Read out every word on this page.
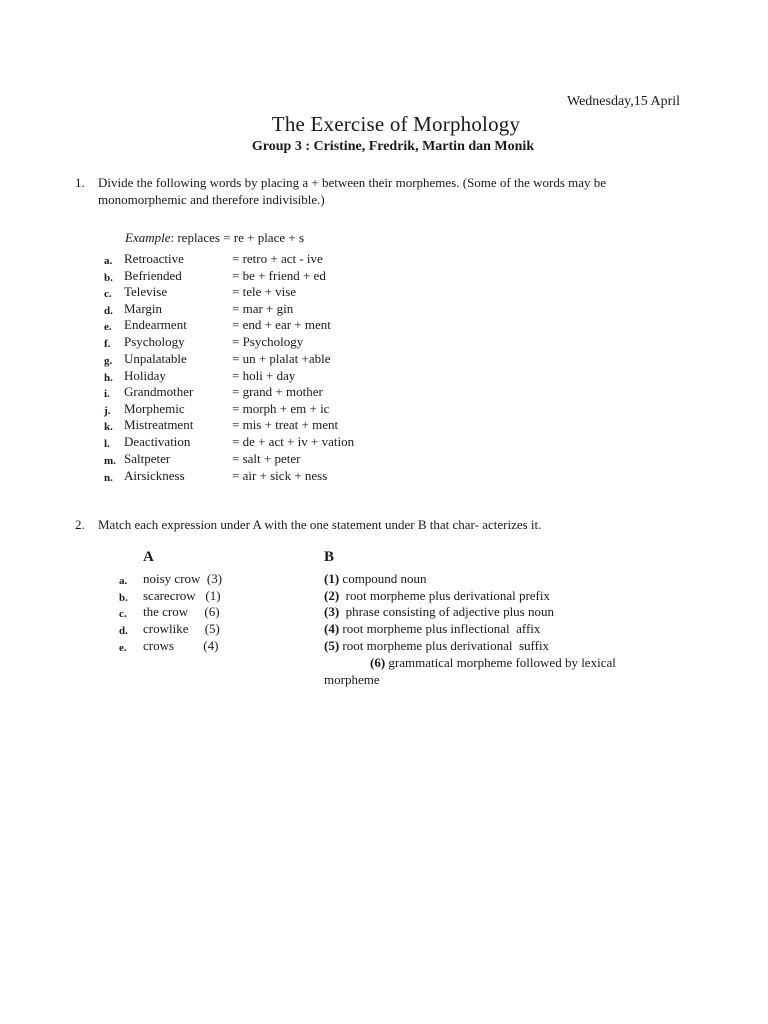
Wednesday,15 April
The Exercise of Morphology
Group 3 : Cristine, Fredrik, Martin dan Monik
1. Divide the following words by placing a + between their morphemes. (Some of the words may be
monomorphemic and therefore indivisible.)
Example: replaces = re + place + s
a. Retroactive	= retro + act - ive
b. Befriended	= be + friend + ed
c. Televise	= tele + vise
d. Margin	= mar + gin
e. Endearment	= end + ear + ment
f. Psychology	= Psychology
g. Unpalatable	= un + plalat +able
h. Holiday	= holi + day
i. Grandmother	= grand + mother
j. Morphemic	= morph + em + ic
k. Mistreatment	= mis + treat + ment
l. Deactivation	= de + act + iv + vation
m. Saltpeter	= salt + peter
n. Airsickness	= air + sick + ness
2. Match each expression under A with the one statement under B that char- acterizes it.
A	B
a. noisy crow  (3)
b. scarecrow   (1)
c. the crow     (6)
d. crowlike     (5)
e. crows         (4)
(1) compound noun
(2)  root morpheme plus derivational prefix
(3)  phrase consisting of adjective plus noun
(4) root morpheme plus inflectional  affix
(5) root morpheme plus derivational  suffix
(6) grammatical morpheme followed by lexical
morpheme
